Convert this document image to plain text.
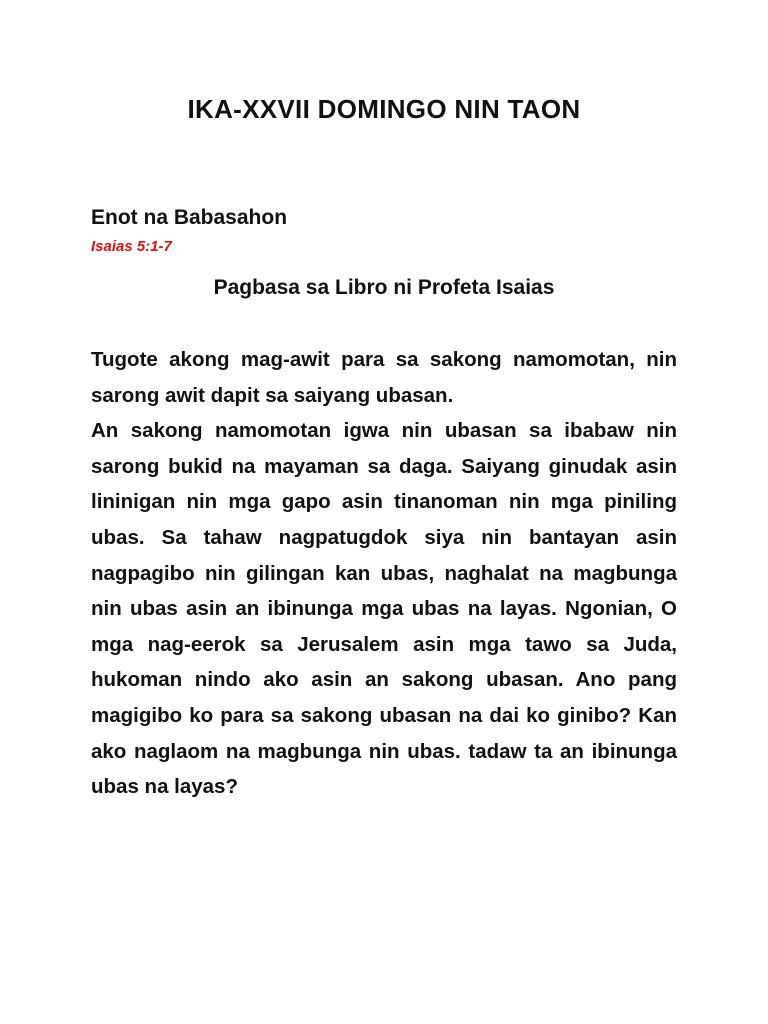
IKA-XXVII DOMINGO NIN TAON
Enot na Babasahon
Isaias 5:1-7
Pagbasa sa Libro ni Profeta Isaias

Tugote akong mag-awit para sa sakong namomotan, nin sarong awit dapit sa saiyang ubasan.

An sakong namomotan igwa nin ubasan sa ibabaw nin sarong bukid na mayaman sa daga. Saiyang ginudak asin lininigan nin mga gapo asin tinanoman nin mga piniling ubas. Sa tahaw nagpatugdok siya nin bantayan asin nagpagibo nin gilingan kan ubas, naghalat na magbunga nin ubas asin an ibinunga mga ubas na layas. Ngonian, O mga nag-eerok sa Jerusalem asin mga tawo sa Juda, hukoman nindo ako asin an sakong ubasan. Ano pang magigibo ko para sa sakong ubasan na dai ko ginibo? Kan ako naglaom na magbunga nin ubas. tadaw ta an ibinunga ubas na layas?
